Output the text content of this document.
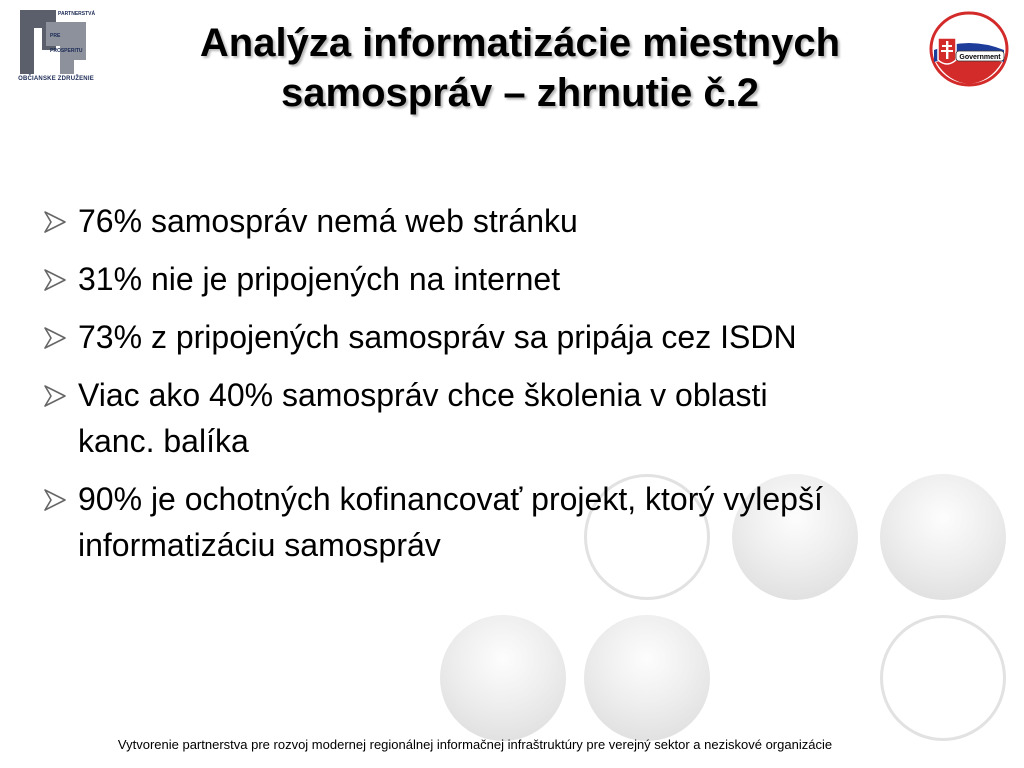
PARTNERSTVÁ
PRE
PROSPERITU
OBČIANSKE ZDRUŽENIE
Government
Analýza informatizácie miestnych
samospráv – zhrnutie č.2
76% samospráv nemá web stránku
31% nie je pripojených na internet
73% z pripojených samospráv sa pripája cez ISDN
Viac ako 40% samospráv chce školenia v oblasti
kanc. balíka
90% je ochotných kofinancovať projekt, ktorý vylepší
informatizáciu samospráv
Vytvorenie partnerstva pre rozvoj modernej regionálnej informačnej infraštruktúry pre verejný sektor a neziskové organizácie
